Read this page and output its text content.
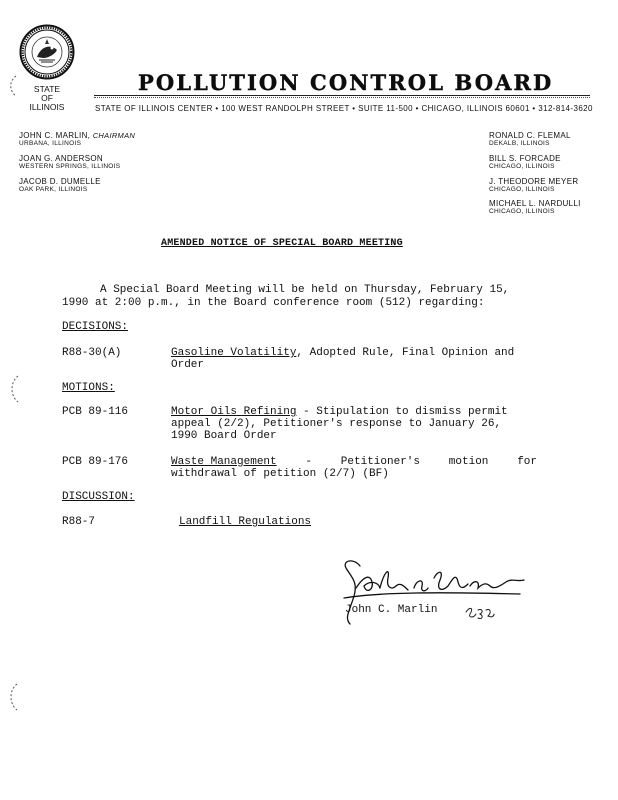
STATE
OF
ILLINOIS
POLLUTION CONTROL BOARD
STATE OF ILLINOIS CENTER • 100 WEST RANDOLPH STREET • SUITE 11-500 • CHICAGO, ILLINOIS 60601 • 312-814-3620
JOHN C. MARLIN, CHAIRMAN
URBANA, ILLINOIS
JOAN G. ANDERSON
WESTERN SPRINGS, ILLINOIS
JACOB D. DUMELLE
OAK PARK, ILLINOIS
RONALD C. FLEMAL
DEKALB, ILLINOIS
BILL S. FORCADE
CHICAGO, ILLINOIS
J. THEODORE MEYER
CHICAGO, ILLINOIS
MICHAEL L. NARDULLI
CHICAGO, ILLINOIS
AMENDED NOTICE OF SPECIAL BOARD MEETING
A Special Board Meeting will be held on Thursday, February 15,
1990 at 2:00 p.m., in the Board conference room (512) regarding:
DECISIONS:
R88-30(A)	Gasoline Volatility, Adopted Rule, Final Opinion and
Order
MOTIONS:
PCB 89-116	Motor Oils Refining - Stipulation to dismiss permit
appeal (2/2), Petitioner's response to January 26,
1990 Board Order
PCB 89-176	Waste Management	-	Petitioner's	motion	for
withdrawal of petition (2/7) (BF)
DISCUSSION:
R88-7	Landfill Regulations
John C. Marlin
